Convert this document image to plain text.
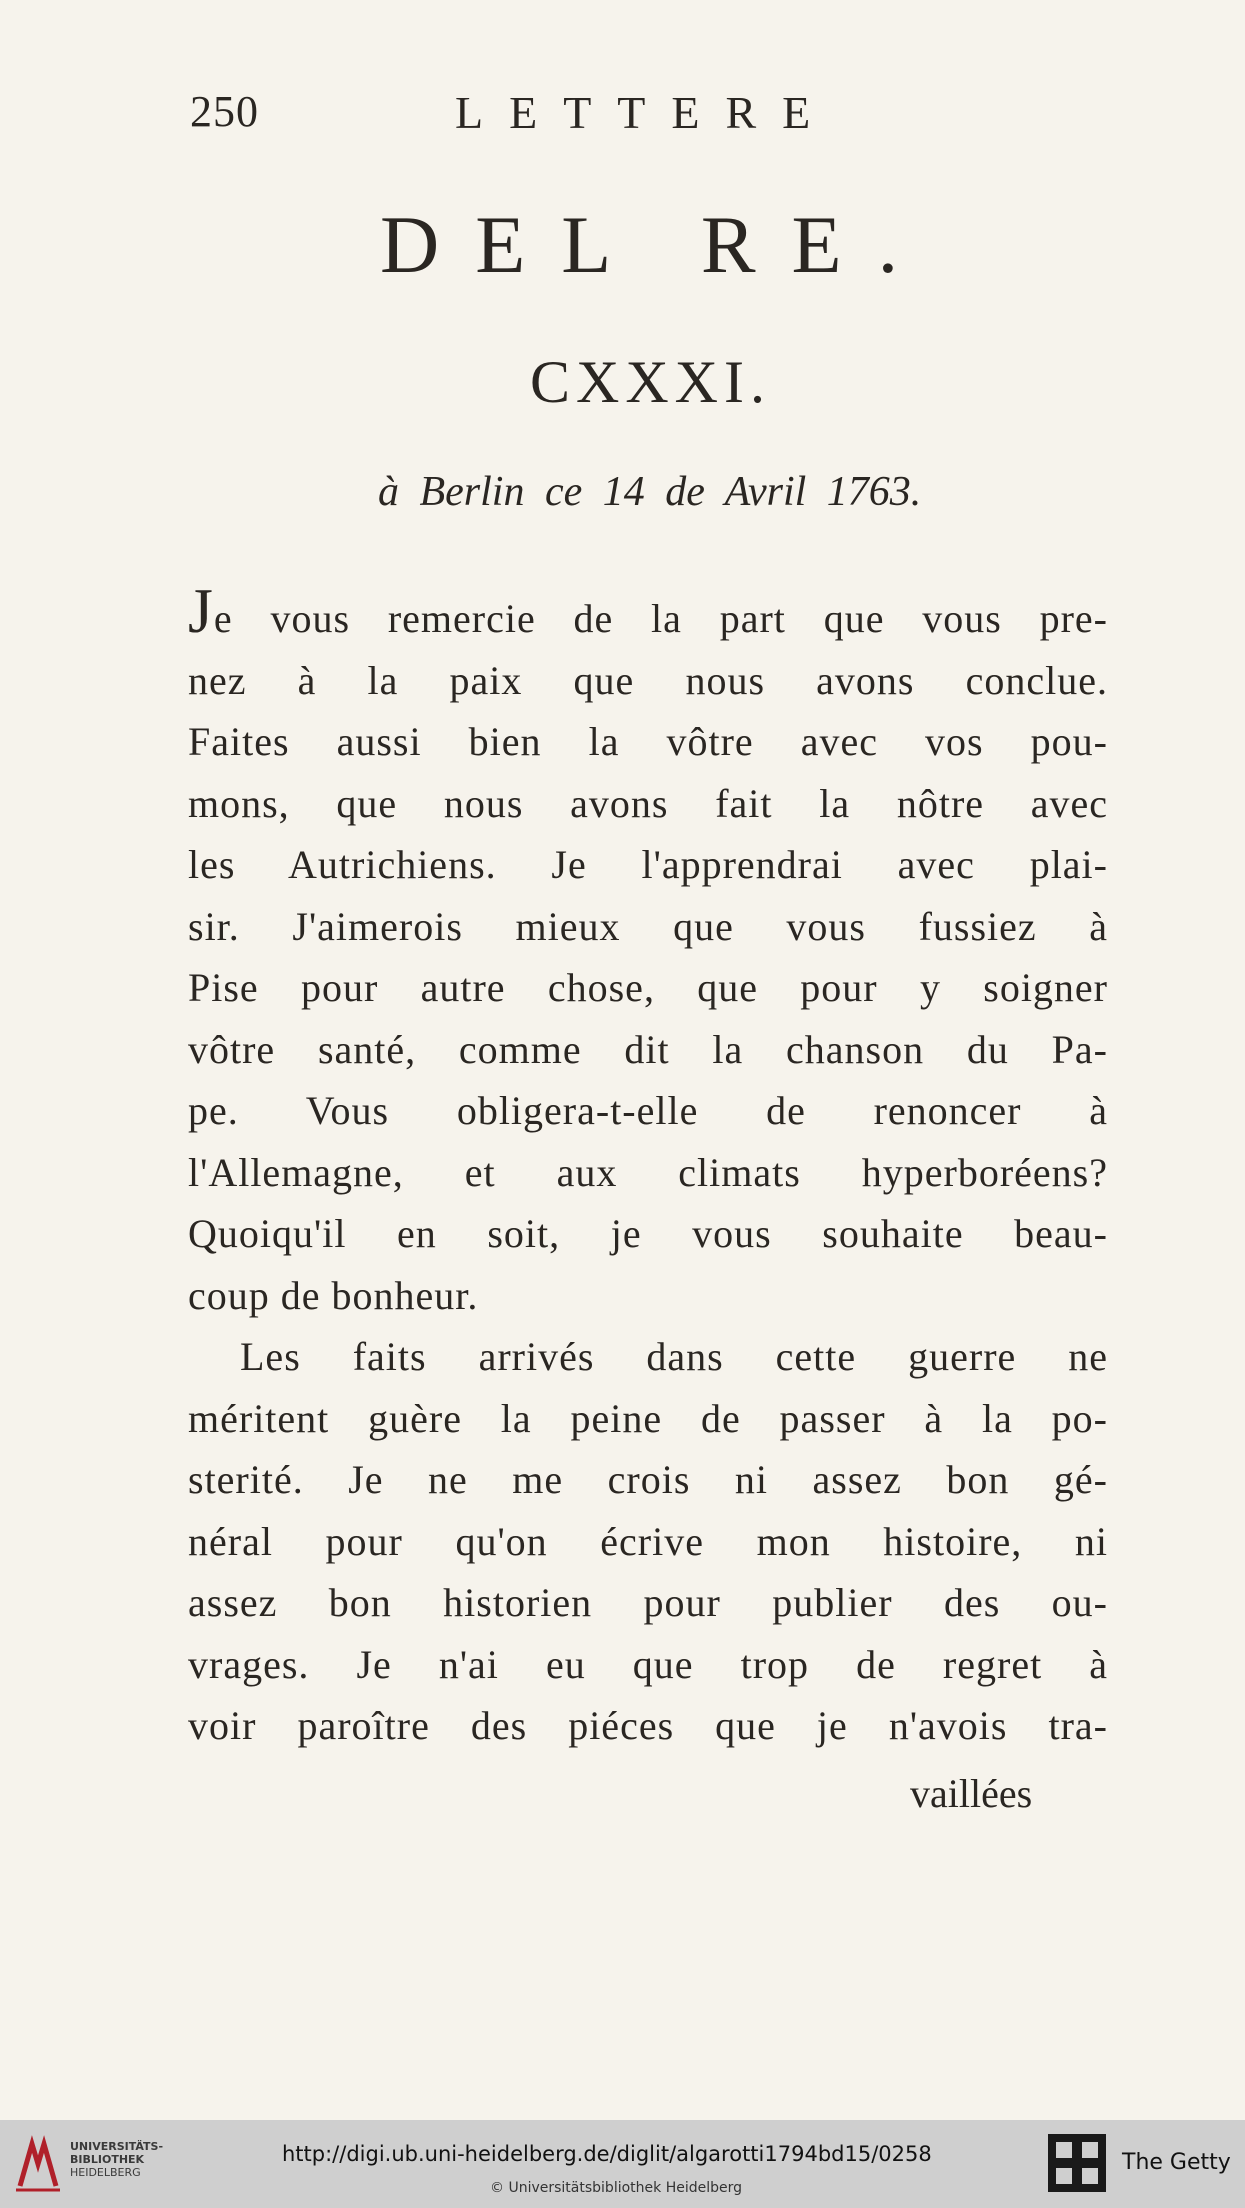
250	LETTERE
DEL RE.
CXXXI.
à Berlin ce 14 de Avril 1763.
Je vous remercie de la part que vous pre-
nez à la paix que nous avons conclue.
Faites aussi bien la vôtre avec vos pou-
mons, que nous avons fait la nôtre avec
les Autrichiens. Je l'apprendrai avec plai-
sir. J'aimerois mieux que vous fussiez à
Pise pour autre chose, que pour y soigner
vôtre santé, comme dit la chanson du Pa-
pe. Vous obligera-t-elle de renoncer à
l'Allemagne, et aux climats hyperboréens?
Quoiqu'il en soit, je vous souhaite beau-
coup de bonheur.
Les faits arrivés dans cette guerre ne
méritent guère la peine de passer à la po-
sterité. Je ne me crois ni assez bon gé-
néral pour qu'on écrive mon histoire, ni
assez bon historien pour publier des ou-
vrages. Je n'ai eu que trop de regret à
voir paroître des piéces que je n'avois tra-
vaillées
UNIVERSITÄTS-
BIBLIOTHEK
HEIDELBERG
http://digi.ub.uni-heidelberg.de/diglit/algarotti1794bd15/0258
© Universitätsbibliothek Heidelberg
The Getty
